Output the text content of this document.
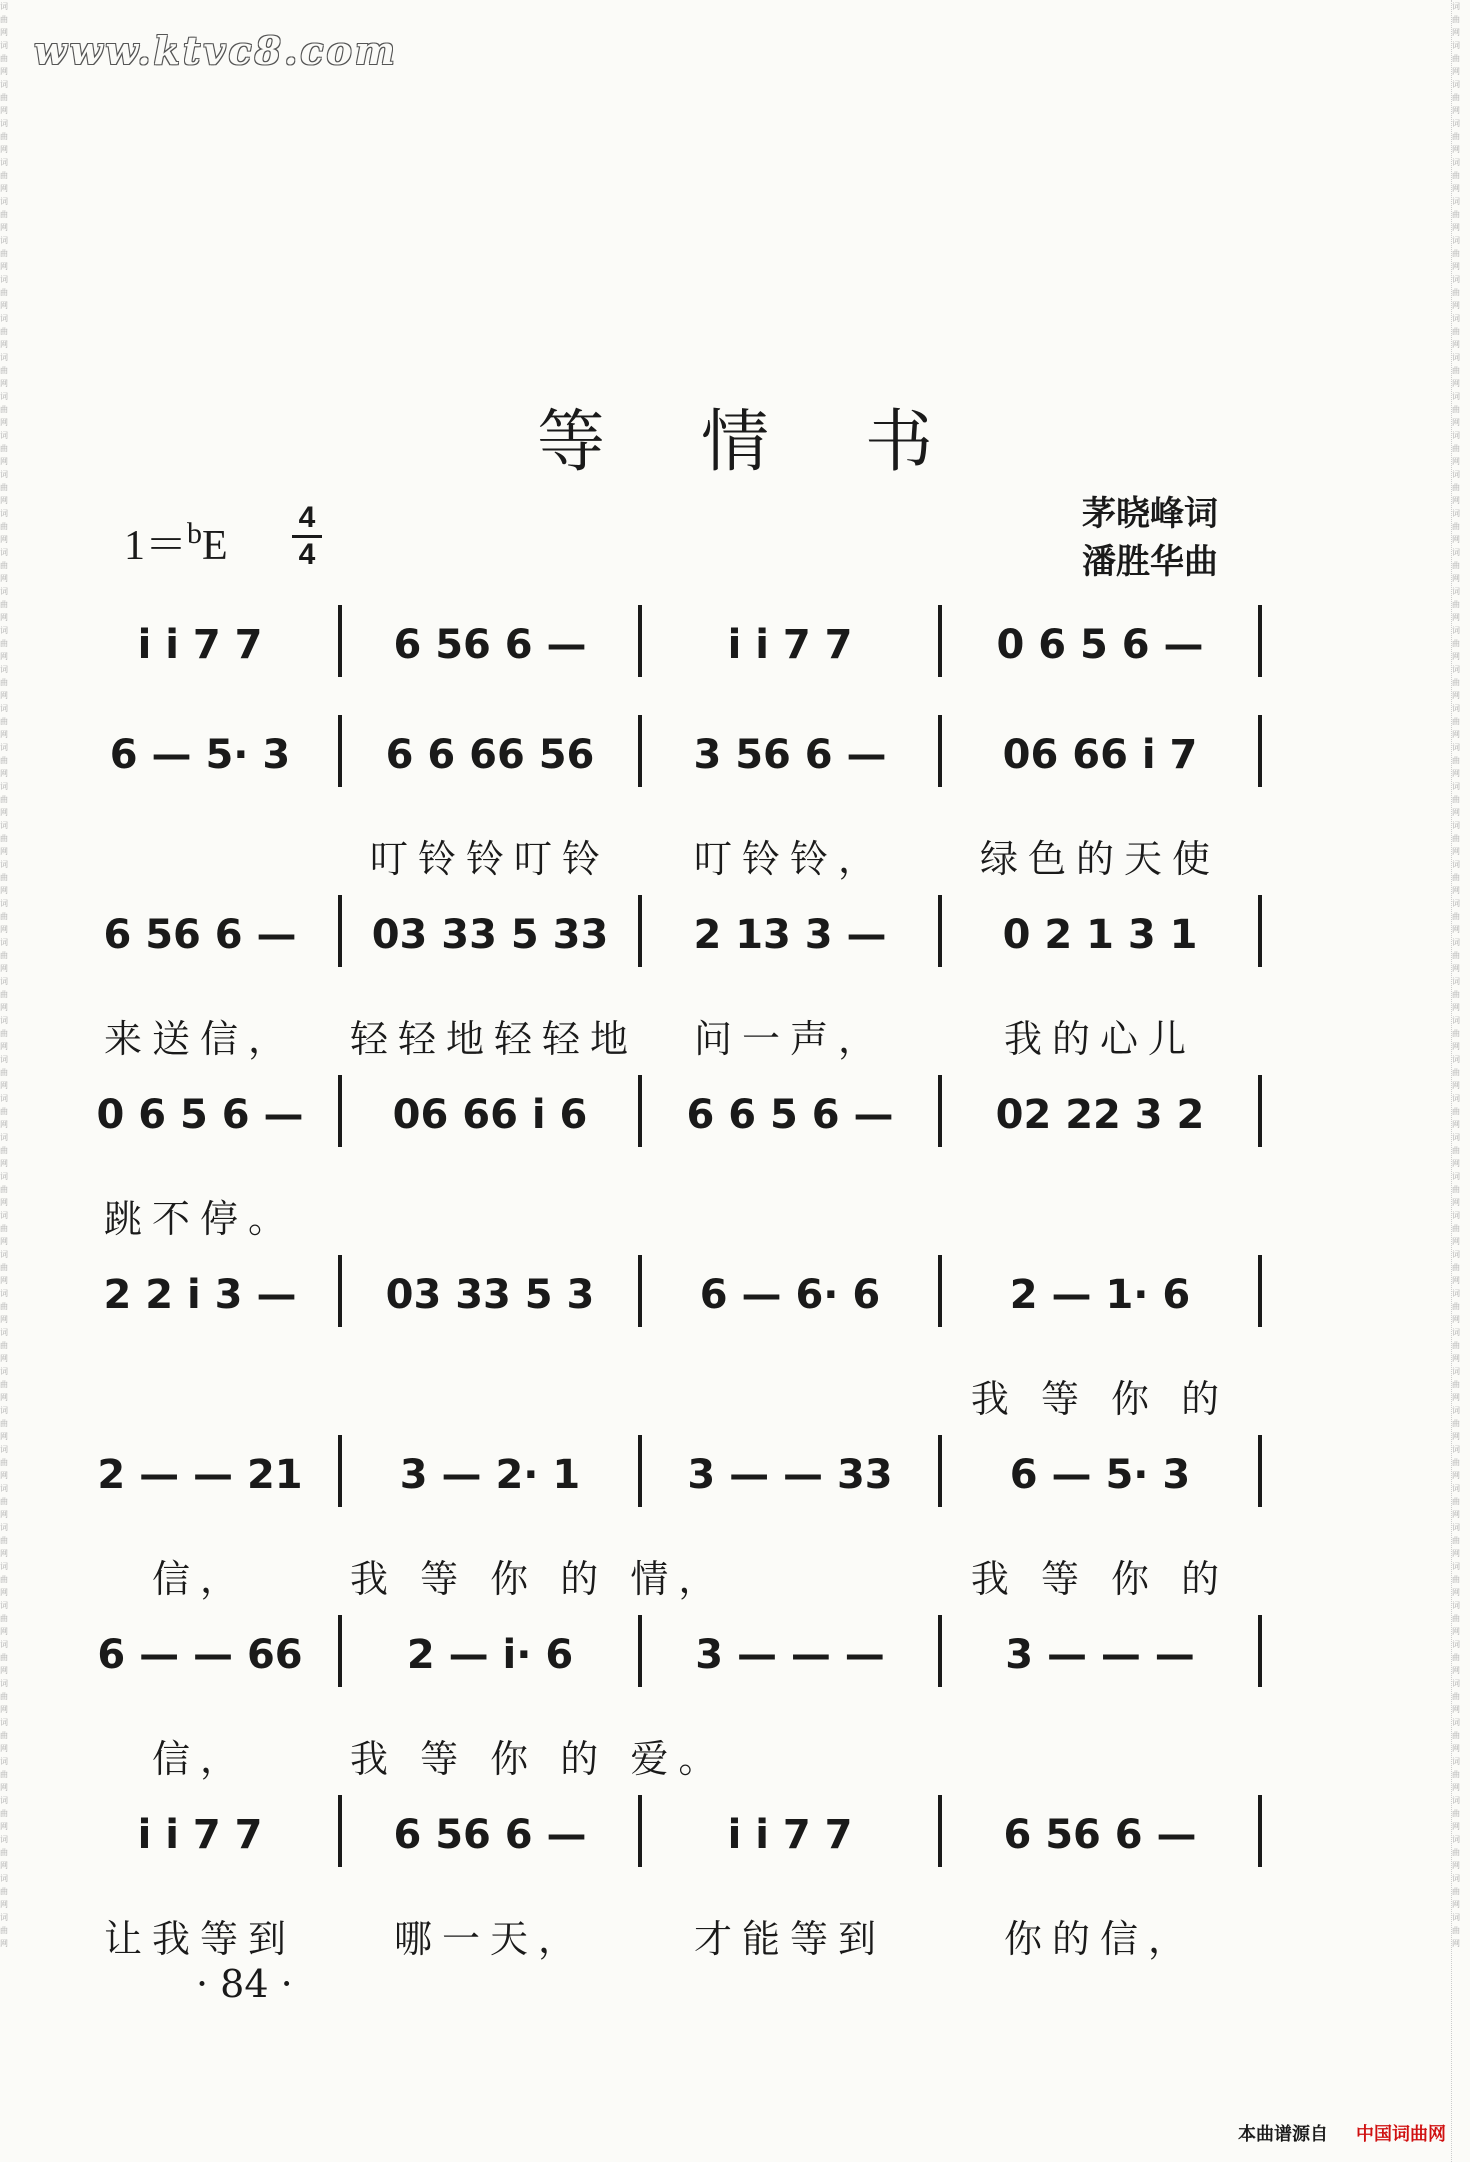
www.ktvc8.com
词曲网词曲网词曲网词曲网词曲网词曲网词曲网词曲网词曲网词曲网词曲网词曲网词曲网词曲网词曲网词曲网词曲网词曲网词曲网词曲网词曲网词曲网词曲网词曲网词曲网词曲网词曲网词曲网词曲网词曲网词曲网词曲网词曲网词曲网词曲网词曲网词曲网词曲网词曲网词曲网词曲网词曲网词曲网词曲网词曲网词曲网词曲网词曲网词曲网词曲网
词曲网词曲网词曲网词曲网词曲网词曲网词曲网词曲网词曲网词曲网词曲网词曲网词曲网词曲网词曲网词曲网词曲网词曲网词曲网词曲网词曲网词曲网词曲网词曲网词曲网词曲网词曲网词曲网词曲网词曲网词曲网词曲网词曲网词曲网词曲网词曲网词曲网词曲网词曲网词曲网词曲网词曲网词曲网词曲网词曲网词曲网词曲网词曲网词曲网词曲网
等情书
1＝$^b$E
4
4
茅晓峰词
潘胜华曲
i i 7 7	6 56 6 —	i i 7 7	0 6 5 6 —
6 — 5· 3	6 6 66 56	3 56 6 —	06 66 i 7
叮铃铃叮铃	叮铃铃，	绿色的天使
6 56 6 —	03 33 5 33	2 13 3 —	0 2 1 3 1
来送信，	轻轻地轻轻地	问一声，	我的心儿
0 6 5 6 —	06 66 i 6	6 6 5 6 —	02 22 3 2
跳不停。
2 2 i 3 —	03 33 5 3	6 — 6· 6	2 — 1· 6
我 等 你 的
2 — — 21	3 — 2· 1	3 — — 33	6 — 5· 3
信，	我 等 你 的 情，	我 等 你 的
6 — — 66	2 — i· 6	3 — — —	3 — — —
信，	我 等 你 的 爱。
i i 7 7	6 56 6 —	i i 7 7	6 56 6 —
让我等到	哪一天，	才能等到	你的信，
· 84 ·
本曲谱源自 中国词曲网
